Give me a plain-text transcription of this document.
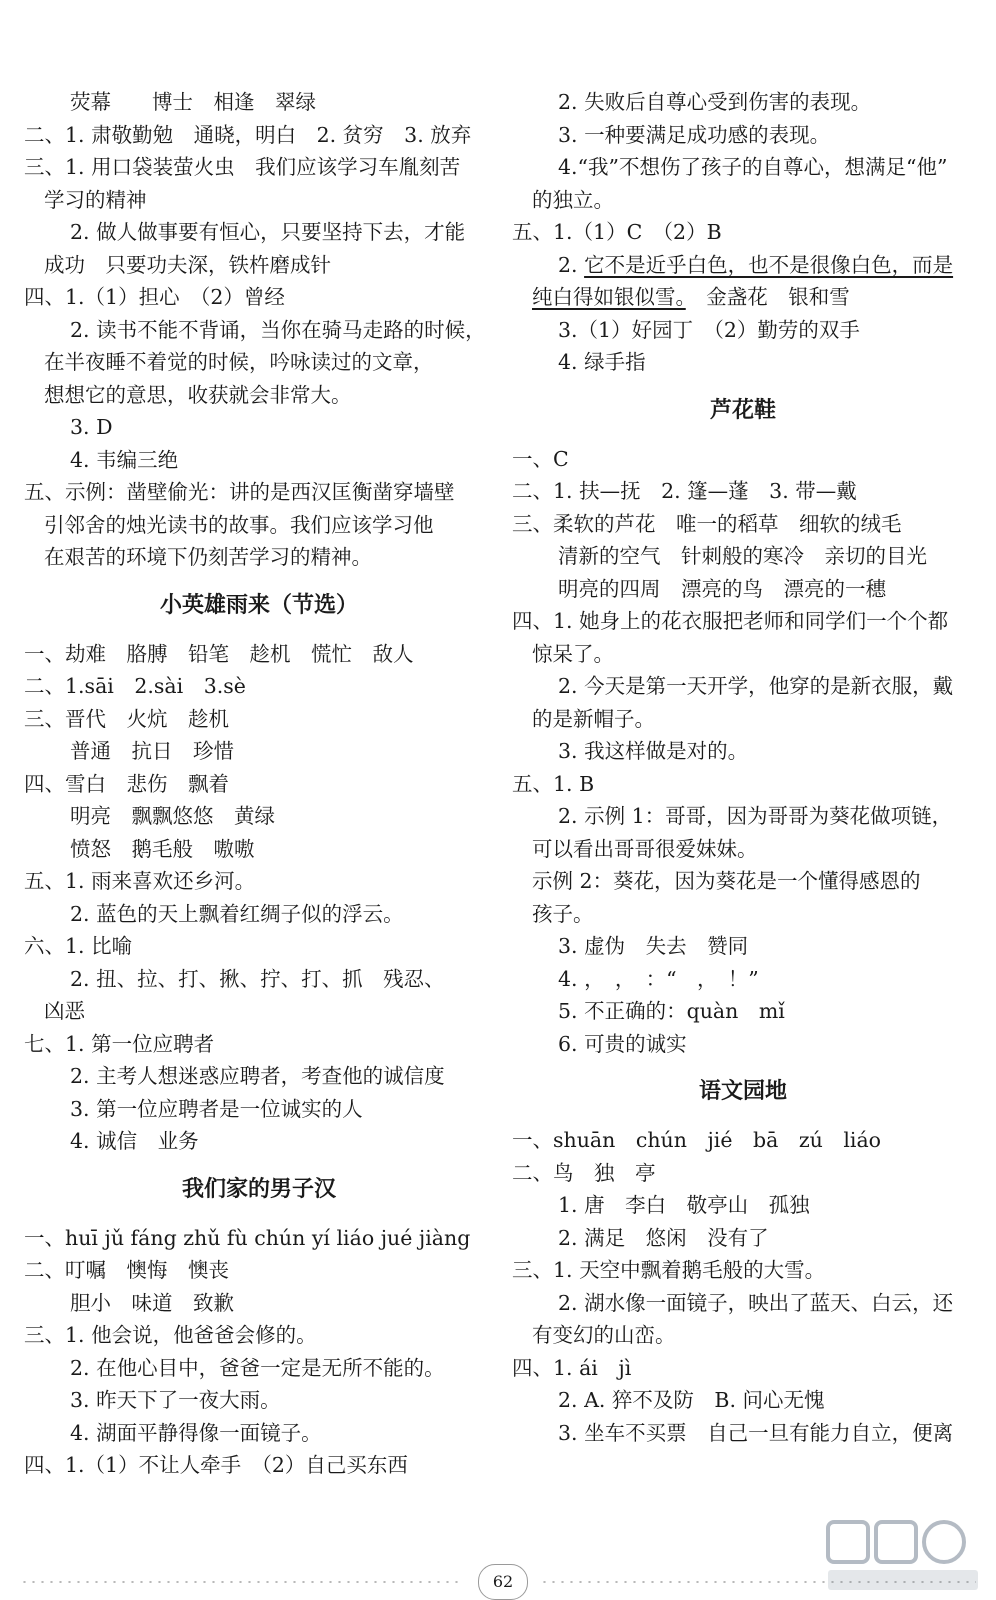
荧幕　　博士　相逢　翠绿
二、1. 肃敬勤勉　通晓，明白　2. 贫穷　3. 放弃
三、1. 用口袋装萤火虫　我们应该学习车胤刻苦
学习的精神
2. 做人做事要有恒心，只要坚持下去，才能
成功　只要功夫深，铁杵磨成针
四、1.（1）担心　（2）曾经
2. 读书不能不背诵，当你在骑马走路的时候，
在半夜睡不着觉的时候，吟咏读过的文章，
想想它的意思，收获就会非常大。
3. D
4. 韦编三绝
五、示例：凿壁偷光：讲的是西汉匡衡凿穿墙壁
引邻舍的烛光读书的故事。我们应该学习他
在艰苦的环境下仍刻苦学习的精神。
小英雄雨来（节选）
一、劫难　胳膊　铅笔　趁机　慌忙　敌人
二、1.sāi　2.sài　3.sè
三、晋代　火炕　趁机
普通　抗日　珍惜
四、雪白　悲伤　飘着
明亮　飘飘悠悠　黄绿
愤怒　鹅毛般　嗷嗷
五、1. 雨来喜欢还乡河。
2. 蓝色的天上飘着红绸子似的浮云。
六、1. 比喻
2. 扭、拉、打、揪、拧、打、抓　残忍、
凶恶
七、1. 第一位应聘者
2. 主考人想迷惑应聘者，考查他的诚信度
3. 第一位应聘者是一位诚实的人
4. 诚信　业务
我们家的男子汉
一、huī jǔ fáng zhǔ fù chún yí liáo jué jiàng
二、叮嘱　懊悔　懊丧
胆小　味道　致歉
三、1. 他会说，他爸爸会修的。
2. 在他心目中，爸爸一定是无所不能的。
3. 昨天下了一夜大雨。
4. 湖面平静得像一面镜子。
四、1.（1）不让人牵手　（2）自己买东西
2. 失败后自尊心受到伤害的表现。
3. 一种要满足成功感的表现。
4.“我”不想伤了孩子的自尊心，想满足“他”
的独立。
五、1.（1）C　（2）B
2. 它不是近乎白色，也不是很像白色，而是
纯白得如银似雪。　金盏花　银和雪
3.（1）好园丁　（2）勤劳的双手
4. 绿手指
芦花鞋
一、C
二、1. 扶—抚　2. 篷—蓬　3. 带—戴
三、柔软的芦花　唯一的稻草　细软的绒毛
清新的空气　针刺般的寒冷　亲切的目光
明亮的四周　漂亮的鸟　漂亮的一穗
四、1. 她身上的花衣服把老师和同学们一个个都
惊呆了。
2. 今天是第一天开学，他穿的是新衣服，戴
的是新帽子。
3. 我这样做是对的。
五、1. B
2. 示例 1：哥哥，因为哥哥为葵花做项链，
可以看出哥哥很爱妹妹。
示例 2：葵花，因为葵花是一个懂得感恩的
孩子。
3. 虚伪　失去　赞同
4. ，　，　：“　，　！”
5. 不正确的：quàn　mǐ
6. 可贵的诚实
语文园地
一、shuān　chún　jié　bā　zú　liáo
二、鸟　独　亭
1. 唐　李白　敬亭山　孤独
2. 满足　悠闲　没有了
三、1. 天空中飘着鹅毛般的大雪。
2. 湖水像一面镜子，映出了蓝天、白云，还
有变幻的山峦。
四、1. ái　jì
2. A. 猝不及防　B. 问心无愧
3. 坐车不买票　自己一旦有能力自立，便离
62
